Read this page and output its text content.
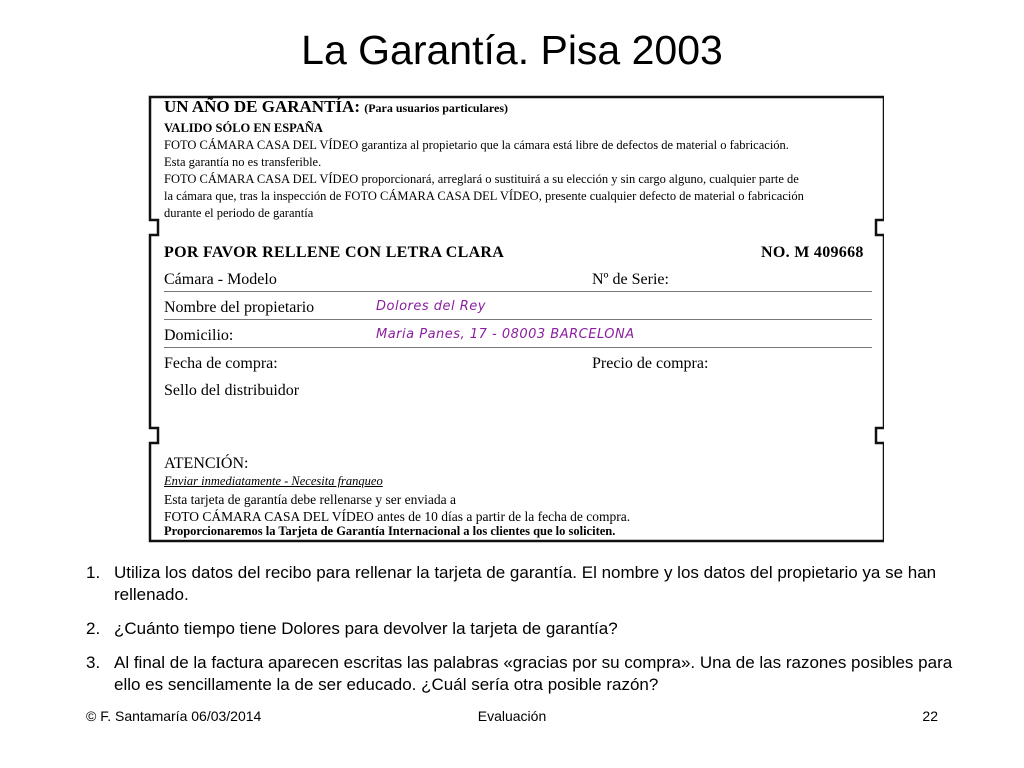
La Garantía. Pisa 2003
UN AÑO DE GARANTÍA: (Para usuarios particulares)
VALIDO SÓLO EN ESPAÑA
FOTO CÁMARA CASA DEL VÍDEO garantiza al propietario que la cámara está libre de defectos de material o fabricación.
Esta garantía no es transferible.
FOTO CÁMARA CASA DEL VÍDEO proporcionará, arreglará o sustituirá a su elección y sin cargo alguno, cualquier parte de
la cámara que, tras la inspección de FOTO CÁMARA CASA DEL VÍDEO, presente cualquier defecto de material o fabricación
durante el periodo de garantía
POR FAVOR RELLENE CON LETRA CLARA	NO. M 409668
Cámara - Modelo	Nº de Serie:
Nombre del propietario	Dolores del Rey
Domicilio:	Maria Panes, 17 - 08003 BARCELONA
Fecha de compra:	Precio de compra:
Sello del distribuidor
ATENCIÓN:
Enviar inmediatamente - Necesita franqueo
Esta tarjeta de garantía debe rellenarse y ser enviada a
FOTO CÁMARA CASA DEL VÍDEO antes de 10 días a partir de la fecha de compra.
Proporcionaremos la Tarjeta de Garantía Internacional a los clientes que lo soliciten.
1. Utiliza los datos del recibo para rellenar la tarjeta de garantía. El nombre y los datos del propietario ya se han rellenado.
2. ¿Cuánto tiempo tiene Dolores para devolver la tarjeta de garantía?
3. Al final de la factura aparecen escritas las palabras «gracias por su compra». Una de las razones posibles para ello es sencillamente la de ser educado. ¿Cuál sería otra posible razón?
© F. Santamaría 06/03/2014	Evaluación	22
